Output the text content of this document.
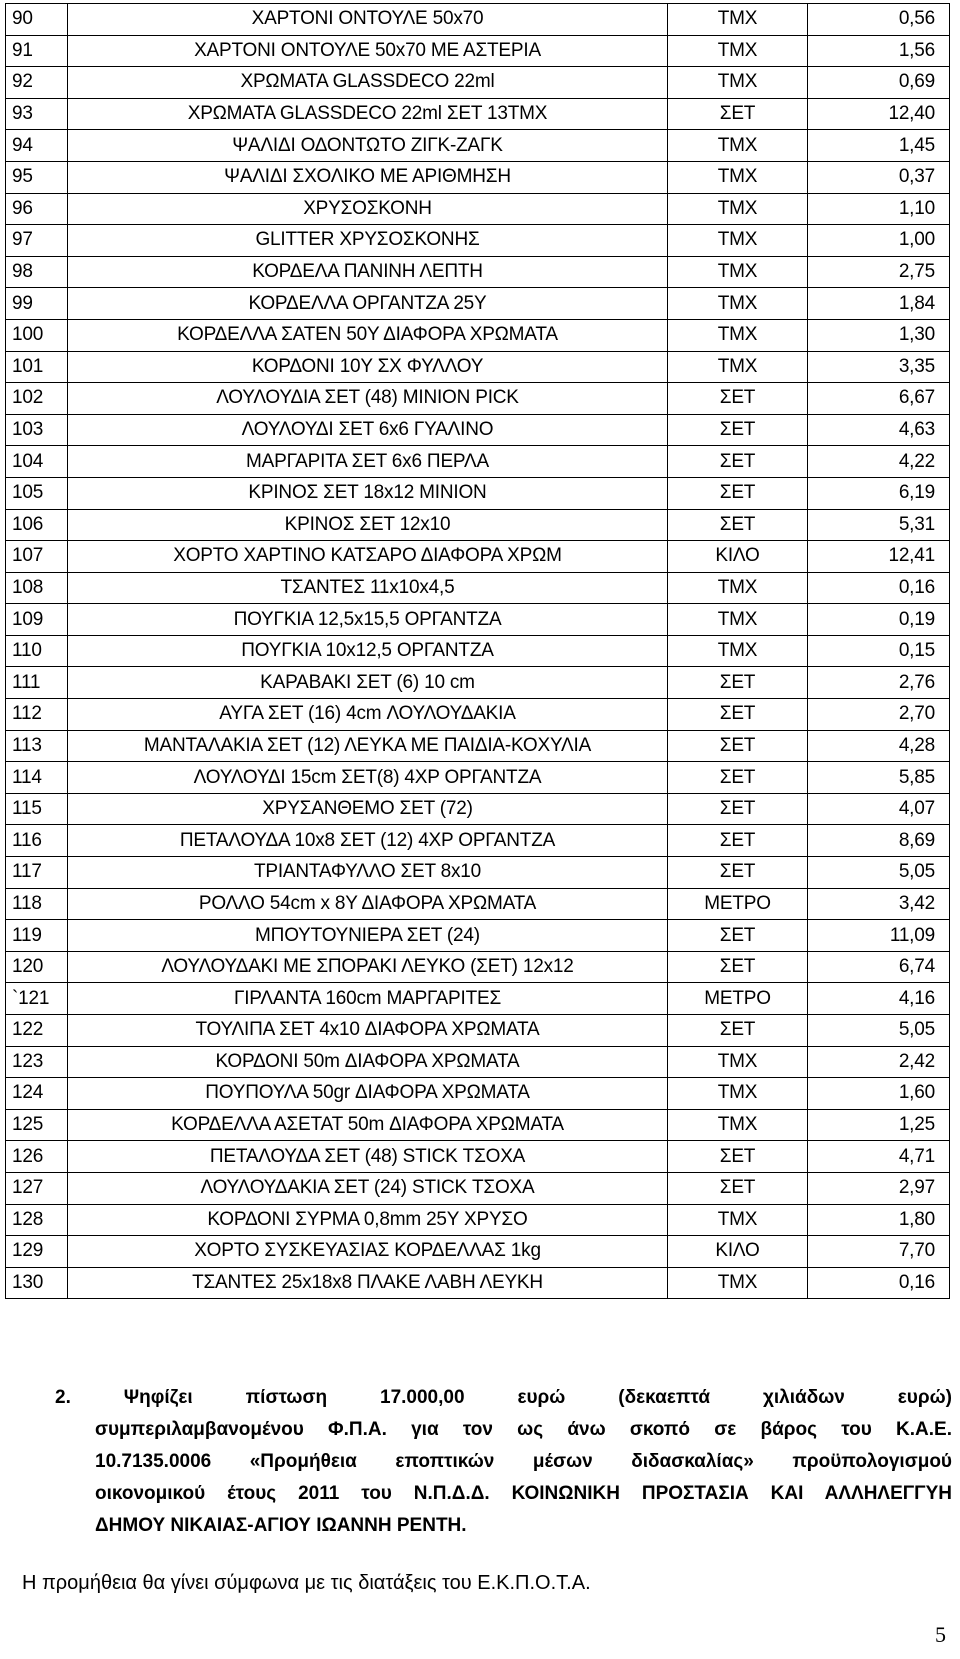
90	ΧΑΡΤΟΝΙ ΟΝΤΟΥΛΕ 50x70	ΤΜΧ	0,56
91	ΧΑΡΤΟΝΙ ΟΝΤΟΥΛΕ 50x70 ΜΕ ΑΣΤΕΡΙΑ	ΤΜΧ	1,56
92	ΧΡΩΜΑΤΑ GLASSDECO 22ml	ΤΜΧ	0,69
93	ΧΡΩΜΑΤΑ GLASSDECO 22ml ΣΕΤ 13ΤΜΧ	ΣΕΤ	12,40
94	ΨΑΛΙΔΙ ΟΔΟΝΤΩΤΟ ΖΙΓΚ-ΖΑΓΚ	ΤΜΧ	1,45
95	ΨΑΛΙΔΙ ΣΧΟΛΙΚΟ ΜΕ ΑΡΙΘΜΗΣΗ	ΤΜΧ	0,37
96	ΧΡΥΣΟΣΚΟΝΗ	ΤΜΧ	1,10
97	GLITTER ΧΡΥΣΟΣΚΟΝΗΣ	ΤΜΧ	1,00
98	ΚΟΡΔΕΛΑ ΠΑΝΙΝΗ ΛΕΠΤΗ	ΤΜΧ	2,75
99	ΚΟΡΔΕΛΛΑ ΟΡΓΑΝΤΖΑ 25Υ	ΤΜΧ	1,84
100	ΚΟΡΔΕΛΛΑ ΣΑΤΕΝ 50Υ ΔΙΑΦΟΡΑ ΧΡΩΜΑΤΑ	ΤΜΧ	1,30
101	ΚΟΡΔΟΝΙ 10Υ ΣΧ ΦΥΛΛΟΥ	ΤΜΧ	3,35
102	ΛΟΥΛΟΥΔΙΑ ΣΕΤ (48) ΜΙΝΙΟΝ PICK	ΣΕΤ	6,67
103	ΛΟΥΛΟΥΔΙ ΣΕΤ 6x6 ΓΥΑΛΙΝΟ	ΣΕΤ	4,63
104	ΜΑΡΓΑΡΙΤΑ ΣΕΤ 6x6 ΠΕΡΛΑ	ΣΕΤ	4,22
105	ΚΡΙΝΟΣ ΣΕΤ 18x12 ΜΙΝΙΟΝ	ΣΕΤ	6,19
106	ΚΡΙΝΟΣ ΣΕΤ 12x10	ΣΕΤ	5,31
107	ΧΟΡΤΟ ΧΑΡΤΙΝΟ ΚΑΤΣΑΡΟ ΔΙΑΦΟΡΑ ΧΡΩΜ	ΚΙΛΟ	12,41
108	ΤΣΑΝΤΕΣ 11x10x4,5	ΤΜΧ	0,16
109	ΠΟΥΓΚΙΑ 12,5x15,5 ΟΡΓΑΝΤΖΑ	ΤΜΧ	0,19
110	ΠΟΥΓΚΙΑ 10x12,5 ΟΡΓΑΝΤΖΑ	ΤΜΧ	0,15
111	ΚΑΡΑΒΑΚΙ ΣΕΤ (6) 10 cm	ΣΕΤ	2,76
112	ΑΥΓΑ ΣΕΤ (16) 4cm ΛΟΥΛΟΥΔΑΚΙΑ	ΣΕΤ	2,70
113	ΜΑΝΤΑΛΑΚΙΑ ΣΕΤ (12) ΛΕΥΚΑ ΜΕ ΠΑΙΔΙΑ-ΚΟΧΥΛΙΑ	ΣΕΤ	4,28
114	ΛΟΥΛΟΥΔΙ 15cm ΣΕΤ(8) 4ΧΡ ΟΡΓΑΝΤΖΑ	ΣΕΤ	5,85
115	ΧΡΥΣΑΝΘΕΜΟ ΣΕΤ (72)	ΣΕΤ	4,07
116	ΠΕΤΑΛΟΥΔΑ 10x8 ΣΕΤ (12) 4ΧΡ ΟΡΓΑΝΤΖΑ	ΣΕΤ	8,69
117	ΤΡΙΑΝΤΑΦΥΛΛΟ ΣΕΤ 8x10	ΣΕΤ	5,05
118	ΡΟΛΛΟ 54cm x 8Υ ΔΙΑΦΟΡΑ ΧΡΩΜΑΤΑ	ΜΕΤΡΟ	3,42
119	ΜΠΟΥΤΟΥΝΙΕΡΑ ΣΕΤ (24)	ΣΕΤ	11,09
120	ΛΟΥΛΟΥΔΑΚΙ ΜΕ ΣΠΟΡΑΚΙ ΛΕΥΚΟ (ΣΕΤ) 12x12	ΣΕΤ	6,74
`121	ΓΙΡΛΑΝΤΑ 160cm ΜΑΡΓΑΡΙΤΕΣ	ΜΕΤΡΟ	4,16
122	ΤΟΥΛΙΠΑ ΣΕΤ 4x10 ΔΙΑΦΟΡΑ ΧΡΩΜΑΤΑ	ΣΕΤ	5,05
123	ΚΟΡΔΟΝΙ 50m ΔΙΑΦΟΡΑ ΧΡΩΜΑΤΑ	ΤΜΧ	2,42
124	ΠΟΥΠΟΥΛΑ 50gr ΔΙΑΦΟΡΑ ΧΡΩΜΑΤΑ	ΤΜΧ	1,60
125	ΚΟΡΔΕΛΛΑ ΑΣΕΤΑΤ 50m ΔΙΑΦΟΡΑ ΧΡΩΜΑΤΑ	ΤΜΧ	1,25
126	ΠΕΤΑΛΟΥΔΑ ΣΕΤ (48) STICK ΤΣΟΧΑ	ΣΕΤ	4,71
127	ΛΟΥΛΟΥΔΑΚΙΑ ΣΕΤ (24) STICK ΤΣΟΧΑ	ΣΕΤ	2,97
128	ΚΟΡΔΟΝΙ ΣΥΡΜΑ 0,8mm 25Υ ΧΡΥΣΟ	ΤΜΧ	1,80
129	ΧΟΡΤΟ ΣΥΣΚΕΥΑΣΙΑΣ ΚΟΡΔΕΛΛΑΣ 1kg	ΚΙΛΟ	7,70
130	ΤΣΑΝΤΕΣ 25x18x8 ΠΛΑΚΕ ΛΑΒΗ ΛΕΥΚΗ	ΤΜΧ	0,16
2. Ψηφίζει πίστωση 17.000,00 ευρώ (δεκαεπτά χιλιάδων ευρώ)
συμπεριλαμβανομένου Φ.Π.Α. για τον ως άνω σκοπό σε βάρος του Κ.Α.Ε.
10.7135.0006 «Προμήθεια εποπτικών μέσων διδασκαλίας» προϋπολογισμού
οικονομικού έτους 2011 του Ν.Π.Δ.Δ. ΚΟΙΝΩΝΙΚΗ ΠΡΟΣΤΑΣΙΑ ΚΑΙ ΑΛΛΗΛΕΓΓΥΗ
ΔΗΜΟΥ ΝΙΚΑΙΑΣ-ΑΓΙΟΥ ΙΩΑΝΝΗ ΡΕΝΤΗ.

Η προμήθεια θα γίνει σύμφωνα με τις διατάξεις του Ε.Κ.Π.Ο.Τ.Α.

5
